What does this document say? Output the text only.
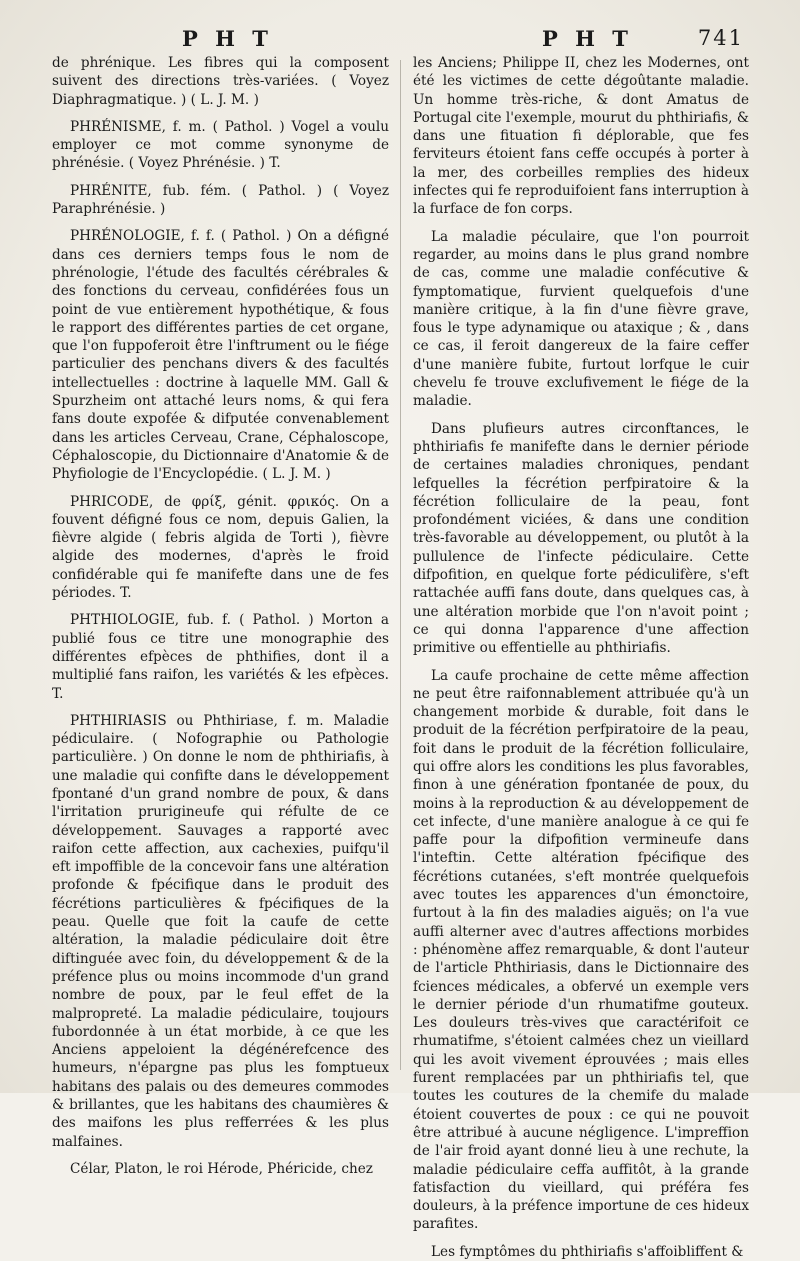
P H T	P H T	741

de phrénique. Les fibres qui la composent suivent des directions très-variées. ( Voyez Diaphragmatique. ) ( L. J. M. )

PHRÉNISME, f. m. ( Pathol. ) Vogel a voulu employer ce mot comme synonyme de phrénésie. ( Voyez Phrénésie. ) T.

PHRÉNITE, fub. fém. ( Pathol. ) ( Voyez Paraphrénésie. )

PHRÉNOLOGIE, f. f. ( Pathol. ) On a défigné dans ces derniers temps fous le nom de phrénologie, l'étude des facultés cérébrales & des fonctions du cerveau, confidérées fous un point de vue entièrement hypothétique, & fous le rapport des différentes parties de cet organe, que l'on fuppoferoit être l'inftrument ou le fiége particulier des penchans divers & des facultés intellectuelles : doctrine à laquelle MM. Gall & Spurzheim ont attaché leurs noms, & qui fera fans doute expofée & difputée convenablement dans les articles Cerveau, Crane, Céphaloscope, Céphaloscopie, du Dictionnaire d'Anatomie & de Phyfiologie de l'Encyclopédie. ( L. J. M. )

PHRICODE, de φρίξ, génit. φρικός. On a fouvent défigné fous ce nom, depuis Galien, la fièvre algide ( febris algida de Torti ), fièvre algide des modernes, d'après le froid confidérable qui fe manifefte dans une de fes périodes. T.

PHTHIOLOGIE, fub. f. ( Pathol. ) Morton a publié fous ce titre une monographie des différentes efpèces de phthifies, dont il a multiplié fans raifon, les variétés & les efpèces. T.

PHTHIRIASIS ou Phthiriase, f. m. Maladie pédiculaire. ( Nofographie ou Pathologie particulière. ) On donne le nom de phthiriafis, à une maladie qui confifte dans le développement fpontané d'un grand nombre de poux, & dans l'irritation prurigineufe qui réfulte de ce développement. Sauvages a rapporté avec raifon cette affection, aux cachexies, puifqu'il eft impoffible de la concevoir fans une altération profonde & fpécifique dans le produit des fécrétions particulières & fpécifiques de la peau. Quelle que foit la caufe de cette altération, la maladie pédiculaire doit être diftinguée avec foin, du développement & de la préfence plus ou moins incommode d'un grand nombre de poux, par le feul effet de la malpropreté. La maladie pédiculaire, toujours fubordonnée à un état morbide, à ce que les Anciens appeloient la dégénérefcence des humeurs, n'épargne pas plus les fomptueux habitans des palais ou des demeures commodes & brillantes, que les habitans des chaumières & des maifons les plus refferrées & les plus malfaines.

Célar, Platon, le roi Hérode, Phéricide, chez

les Anciens; Philippe II, chez les Modernes, ont été les victimes de cette dégoûtante maladie. Un homme très-riche, & dont Amatus de Portugal cite l'exemple, mourut du phthiriafis, & dans une fituation fi déplorable, que fes ferviteurs étoient fans ceffe occupés à porter à la mer, des corbeilles remplies des hideux infectes qui fe reproduifoient fans interruption à la furface de fon corps.

La maladie péculaire, que l'on pourroit regarder, au moins dans le plus grand nombre de cas, comme une maladie confécutive & fymptomatique, furvient quelquefois d'une manière critique, à la fin d'une fièvre grave, fous le type adynamique ou ataxique ; & , dans ce cas, il feroit dangereux de la faire ceffer d'une manière fubite, furtout lorfque le cuir chevelu fe trouve exclufivement le fiége de la maladie.

Dans plufieurs autres circonftances, le phthiriafis fe manifefte dans le dernier période de certaines maladies chroniques, pendant lefquelles la fécrétion perfpiratoire & la fécrétion folliculaire de la peau, font profondément viciées, & dans une condition très-favorable au développement, ou plutôt à la pullulence de l'infecte pédiculaire. Cette difpofition, en quelque forte pédiculifère, s'eft rattachée auffi fans doute, dans quelques cas, à une altération morbide que l'on n'avoit point ; ce qui donna l'apparence d'une affection primitive ou effentielle au phthiriafis.

La caufe prochaine de cette même affection ne peut être raifonnablement attribuée qu'à un changement morbide & durable, foit dans le produit de la fécrétion perfpiratoire de la peau, foit dans le produit de la fécrétion folliculaire, qui offre alors les conditions les plus favorables, finon à une génération fpontanée de poux, du moins à la reproduction & au développement de cet infecte, d'une manière analogue à ce qui fe paffe pour la difpofition vermineufe dans l'inteftin. Cette altération fpécifique des fécrétions cutanées, s'eft montrée quelquefois avec toutes les apparences d'un émonctoire, furtout à la fin des maladies aiguës; on l'a vue auffi alterner avec d'autres affections morbides : phénomène affez remarquable, & dont l'auteur de l'article Phthiriasis, dans le Dictionnaire des fciences médicales, a obfervé un exemple vers le dernier période d'un rhumatifme gouteux. Les douleurs très-vives que caractérifoit ce rhumatifme, s'étoient calmées chez un vieillard qui les avoit vivement éprouvées ; mais elles furent remplacées par un phthiriafis tel, que toutes les coutures de la chemife du malade étoient couvertes de poux : ce qui ne pouvoit être attribué à aucune négligence. L'impreffion de l'air froid ayant donné lieu à une rechute, la maladie pédiculaire ceffa auffitôt, à la grande fatisfaction du vieillard, qui préféra fes douleurs, à la préfence importune de ces hideux parafites.

Les fymptômes du phthiriafis s'affoibliffent &
